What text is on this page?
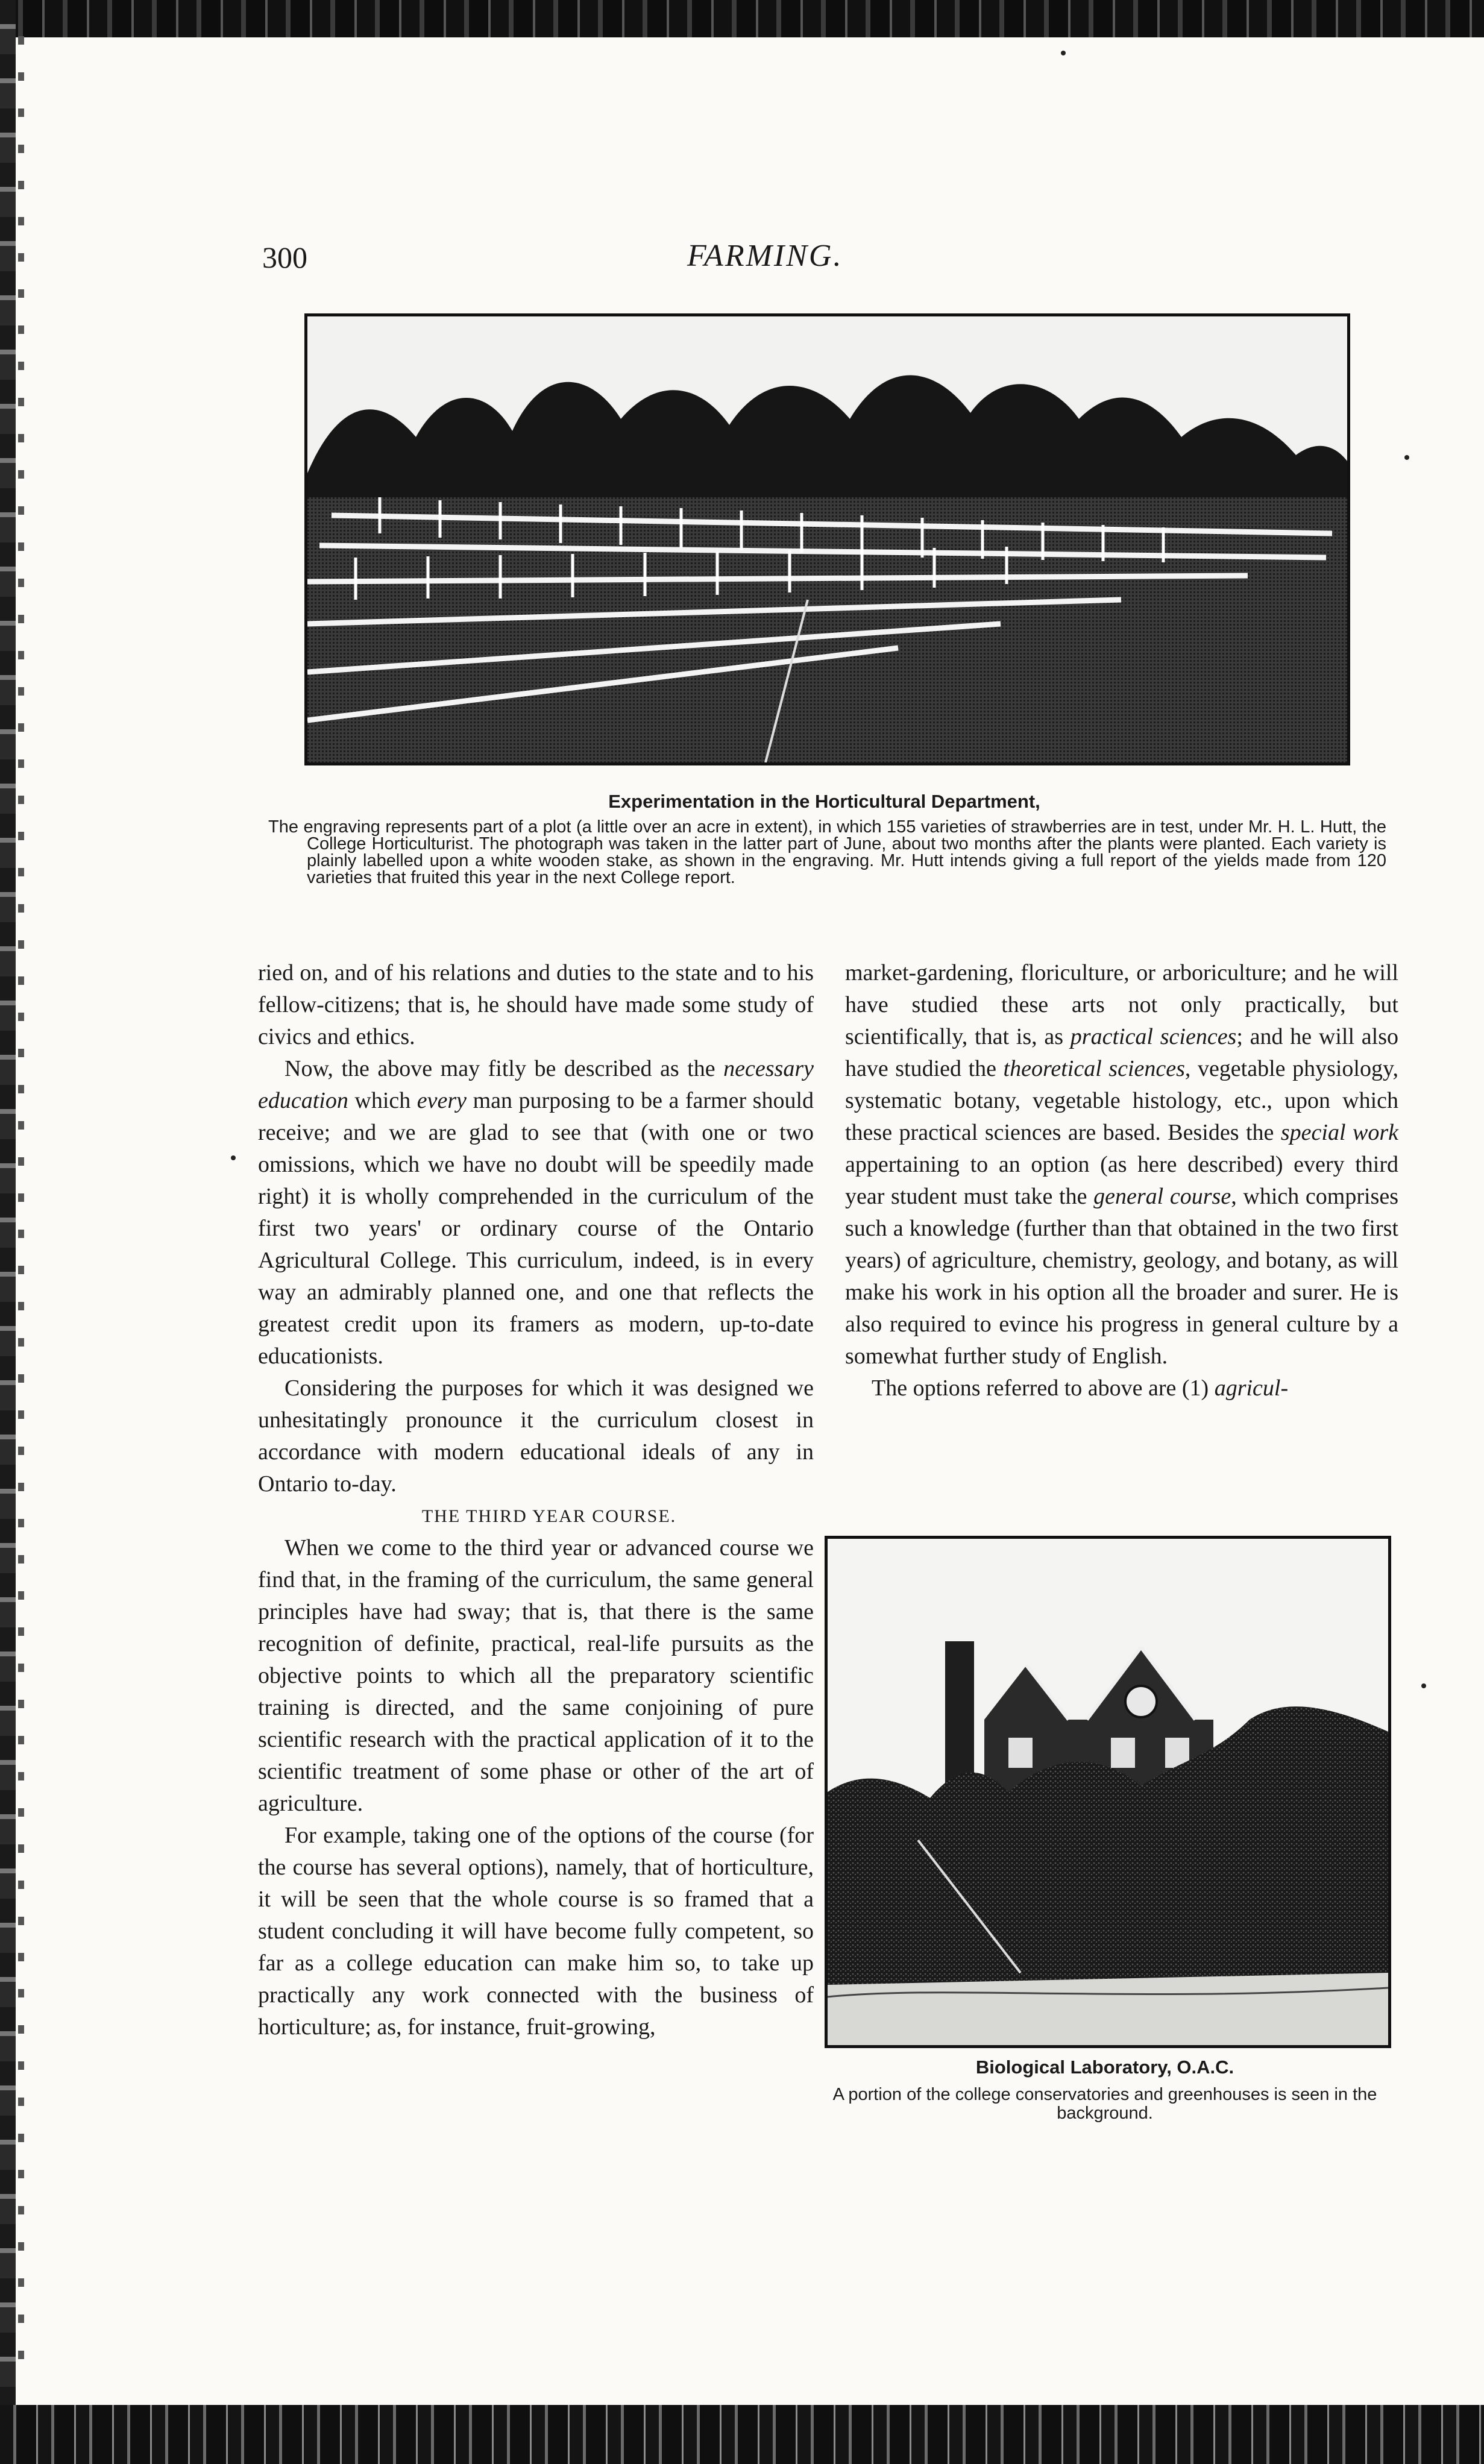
300	FARMING.
Experimentation in the Horticultural Department,

The engraving represents part of a plot (a little over an acre in extent), in which 155 varieties of strawberries are in test, under Mr. H. L. Hutt, the College Horticulturist. The photograph was taken in the latter part of June, about two months after the plants were planted. Each variety is plainly labelled upon a white wooden stake, as shown in the engraving. Mr. Hutt intends giving a full report of the yields made from 120 varieties that fruited this year in the next College report.

ried on, and of his relations and duties to the state and to his fellow-citizens; that is, he should have made some study of civics and ethics.

Now, the above may fitly be described as the necessary education which every man purposing to be a farmer should receive; and we are glad to see that (with one or two omissions, which we have no doubt will be speedily made right) it is wholly comprehended in the curriculum of the first two years' or ordinary course of the Ontario Agricultural College. This curriculum, indeed, is in every way an admirably planned one, and one that reflects the greatest credit upon its framers as modern, up-to-date educationists.

Considering the purposes for which it was designed we unhesitatingly pronounce it the curriculum closest in accordance with modern educational ideals of any in Ontario to-day.

THE THIRD YEAR COURSE.

When we come to the third year or advanced course we find that, in the framing of the curriculum, the same general principles have had sway; that is, that there is the same recognition of definite, practical, real-life pursuits as the objective points to which all the preparatory scientific training is directed, and the same conjoining of pure scientific research with the practical application of it to the scientific treatment of some phase or other of the art of agriculture.

For example, taking one of the options of the course (for the course has several options), namely, that of horticulture, it will be seen that the whole course is so framed that a student concluding it will have become fully competent, so far as a college education can make him so, to take up practically any work connected with the business of horticulture; as, for instance, fruit-growing,

market-gardening, floriculture, or arboriculture; and he will have studied these arts not only practically, but scientifically, that is, as practical sciences; and he will also have studied the theoretical sciences, vegetable physiology, systematic botany, vegetable histology, etc., upon which these practical sciences are based. Besides the special work appertaining to an option (as here described) every third year student must take the general course, which comprises such a knowledge (further than that obtained in the two first years) of agriculture, chemistry, geology, and botany, as will make his work in his option all the broader and surer. He is also required to evince his progress in general culture by a somewhat further study of English.

The options referred to above are (1) agricul-

Biological Laboratory, O.A.C.
A portion of the college conservatories and greenhouses is seen in the background.
